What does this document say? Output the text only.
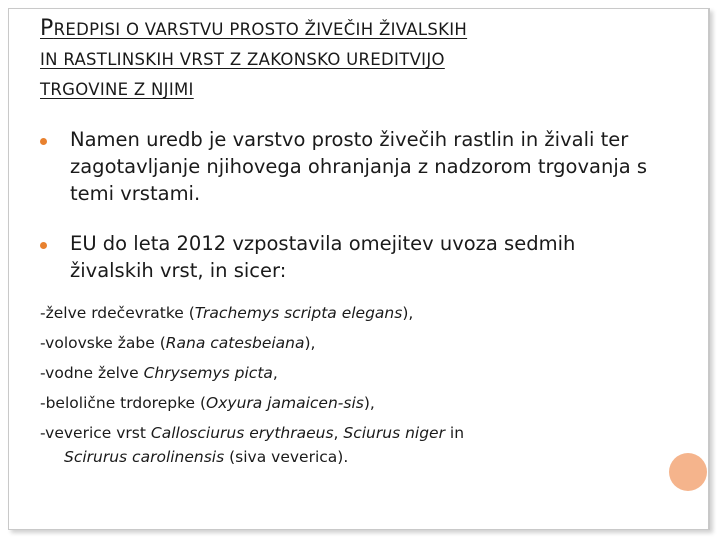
PREDPISI O VARSTVU PROSTO ŽIVEČIH ŽIVALSKIH
IN RASTLINSKIH VRST Z ZAKONSKO UREDITVIJO
TRGOVINE Z NJIMI
Namen uredb je varstvo prosto živečih rastlin in živali ter zagotavljanje njihovega ohranjanja z nadzorom trgovanja s temi vrstami.
EU do leta 2012 vzpostavila omejitev uvoza sedmih živalskih vrst, in sicer:
-želve rdečevratke (Trachemys scripta elegans),
-volovske žabe (Rana catesbeiana),
-vodne želve Chrysemys picta,
-belolične trdorepke (Oxyura jamaicen-sis),
-veverice vrst Callosciurus erythraeus, Sciurus niger in
Scirurus carolinensis (siva veverica).
